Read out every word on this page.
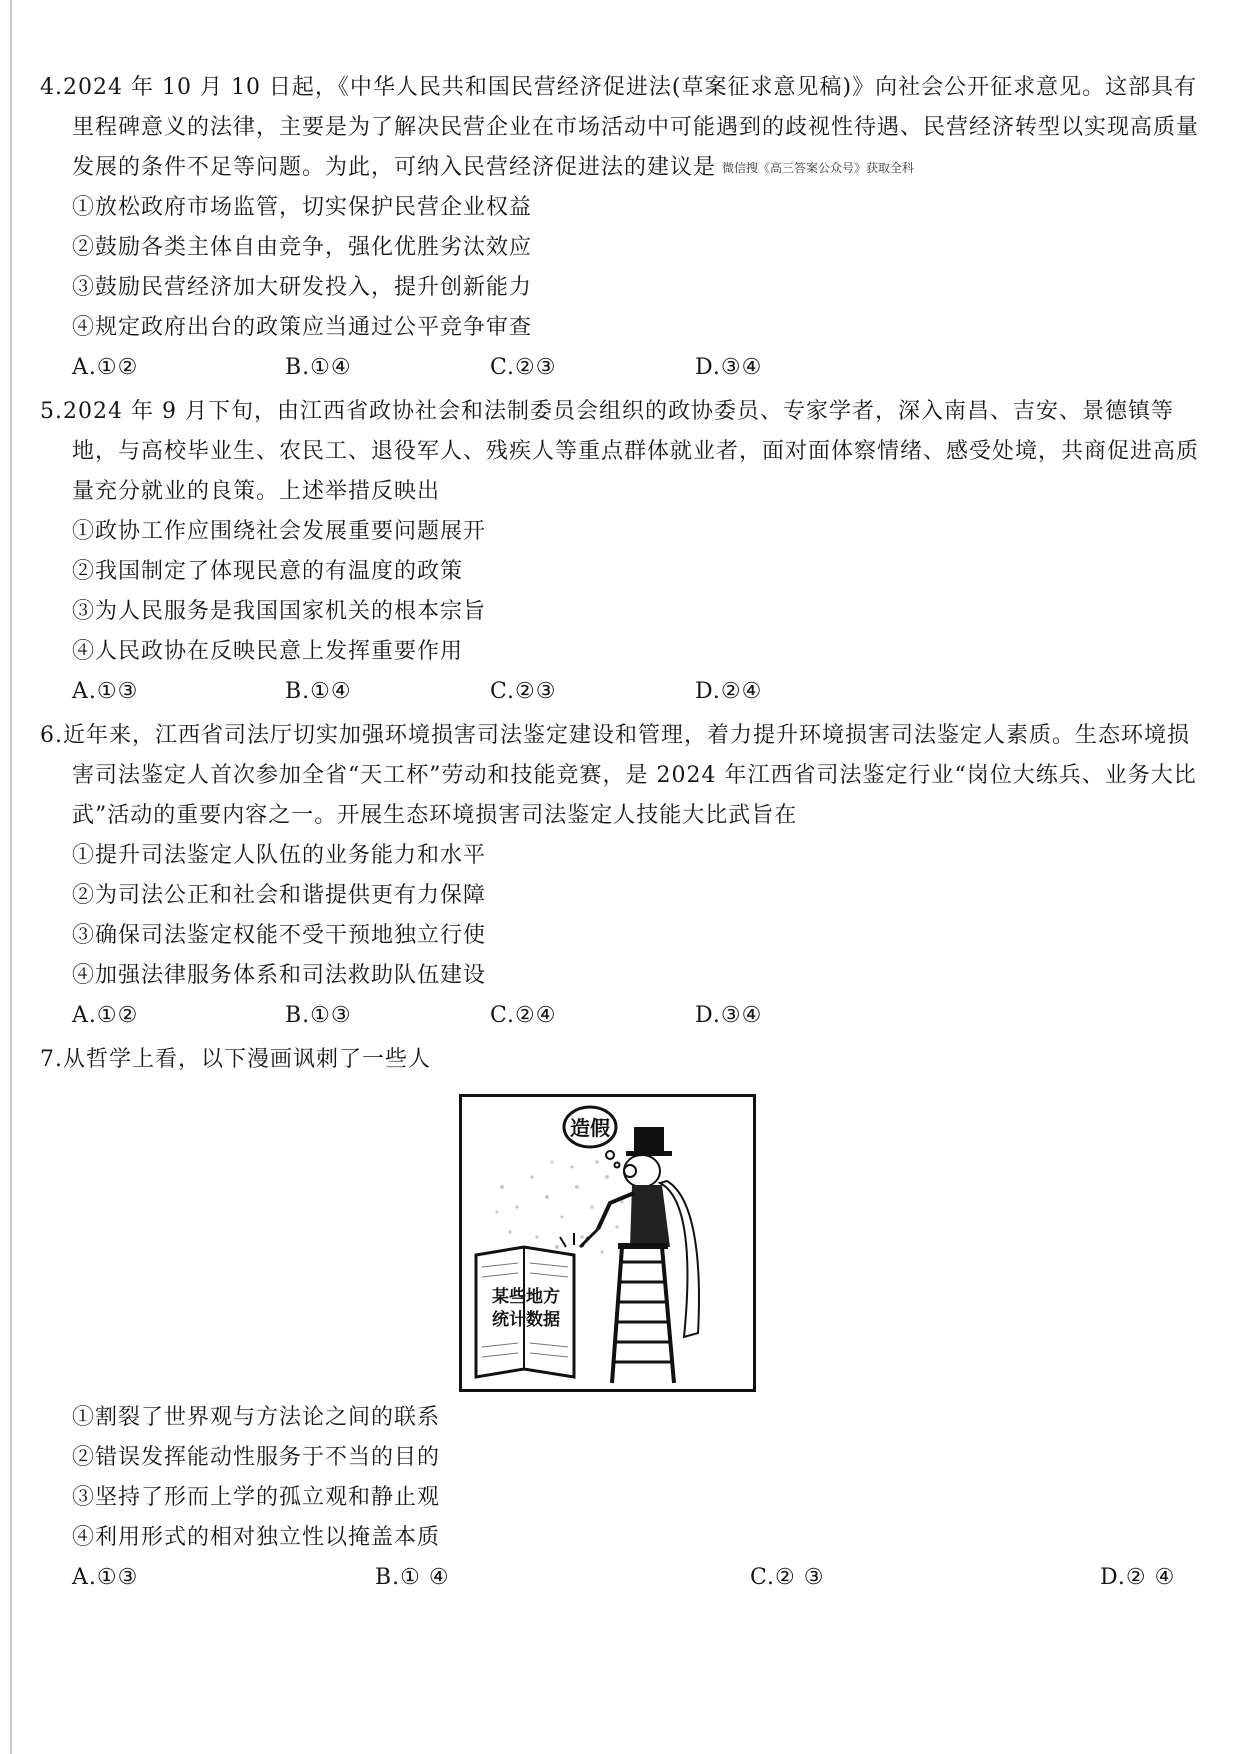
4.2024 年 10 月 10 日起，《中华人民共和国民营经济促进法(草案征求意见稿)》向社会公开征求意见。这部具有里程碑意义的法律，主要是为了解决民营企业在市场活动中可能遇到的歧视性待遇、民营经济转型以实现高质量发展的条件不足等问题。为此，可纳入民营经济促进法的建议是 微信搜《高三答案公众号》获取全科

①放松政府市场监管，切实保护民营企业权益
②鼓励各类主体自由竞争，强化优胜劣汰效应
③鼓励民营经济加大研发投入，提升创新能力
④规定政府出台的政策应当通过公平竞争审查
A.①②	B.①④	C.②③	D.③④

5.2024 年 9 月下旬，由江西省政协社会和法制委员会组织的政协委员、专家学者，深入南昌、吉安、景德镇等地，与高校毕业生、农民工、退役军人、残疾人等重点群体就业者，面对面体察情绪、感受处境，共商促进高质量充分就业的良策。上述举措反映出

①政协工作应围绕社会发展重要问题展开
②我国制定了体现民意的有温度的政策
③为人民服务是我国国家机关的根本宗旨
④人民政协在反映民意上发挥重要作用
A.①③	B.①④	C.②③	D.②④

6.近年来，江西省司法厅切实加强环境损害司法鉴定建设和管理，着力提升环境损害司法鉴定人素质。生态环境损害司法鉴定人首次参加全省“天工杯”劳动和技能竞赛，是 2024 年江西省司法鉴定行业“岗位大练兵、业务大比武”活动的重要内容之一。开展生态环境损害司法鉴定人技能大比武旨在

①提升司法鉴定人队伍的业务能力和水平
②为司法公正和社会和谐提供更有力保障
③确保司法鉴定权能不受干预地独立行使
④加强法律服务体系和司法救助队伍建设
A.①②	B.①③	C.②④	D.③④

7.从哲学上看，以下漫画讽刺了一些人

造假
某些地方
统计数据
①割裂了世界观与方法论之间的联系
②错误发挥能动性服务于不当的目的
③坚持了形而上学的孤立观和静止观
④利用形式的相对独立性以掩盖本质
A.①③	B.① ④	C.② ③	D.② ④
